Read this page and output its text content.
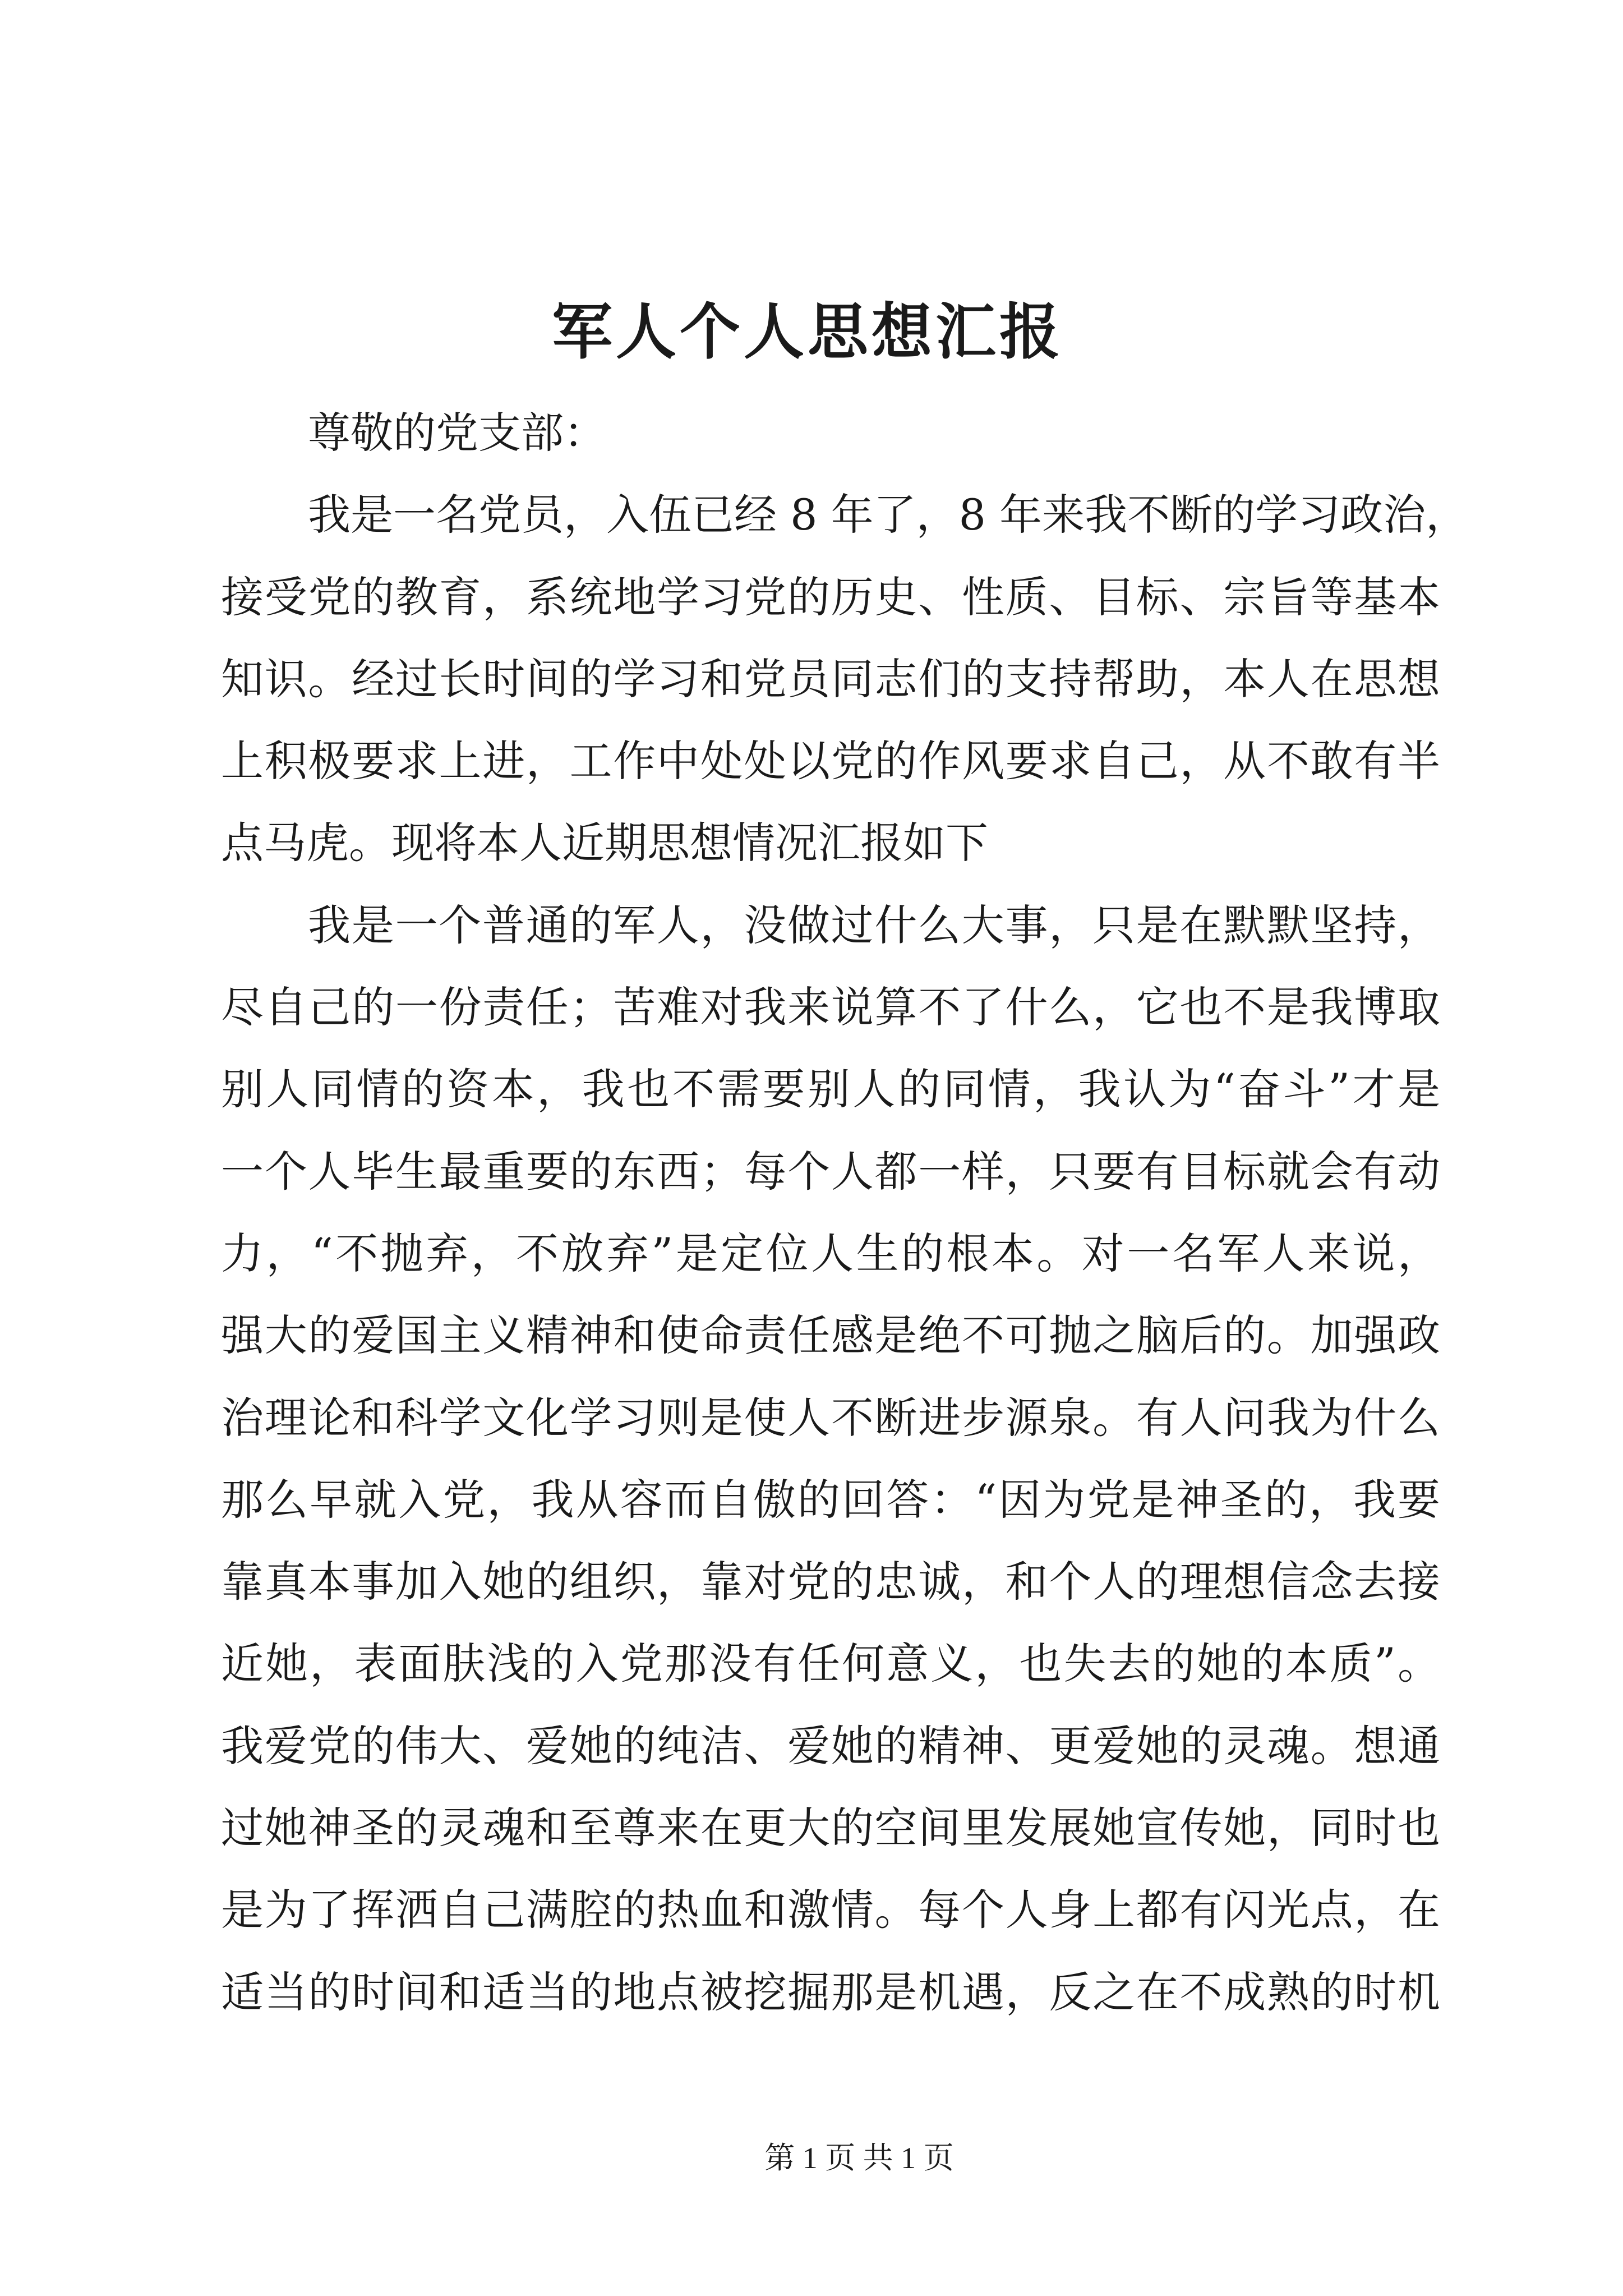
军人个人思想汇报
尊敬的党支部：
我是一名党员，入伍已经 8 年了，8 年来我不断的学习政治，
接受党的教育，系统地学习党的历史、性质、目标、宗旨等基本
知识。经过长时间的学习和党员同志们的支持帮助，本人在思想
上积极要求上进，工作中处处以党的作风要求自己，从不敢有半
点马虎。现将本人近期思想情况汇报如下
我是一个普通的军人，没做过什么大事，只是在默默坚持，
尽自己的一份责任；苦难对我来说算不了什么，它也不是我博取
别人同情的资本，我也不需要别人的同情，我认为“奋斗”才是
一个人毕生最重要的东西；每个人都一样，只要有目标就会有动
力，“不抛弃，不放弃”是定位人生的根本。对一名军人来说，
强大的爱国主义精神和使命责任感是绝不可抛之脑后的。加强政
治理论和科学文化学习则是使人不断进步源泉。有人问我为什么
那么早就入党，我从容而自傲的回答：“因为党是神圣的，我要
靠真本事加入她的组织，靠对党的忠诚，和个人的理想信念去接
近她，表面肤浅的入党那没有任何意义，也失去的她的本质”。
我爱党的伟大、爱她的纯洁、爱她的精神、更爱她的灵魂。想通
过她神圣的灵魂和至尊来在更大的空间里发展她宣传她，同时也
是为了挥洒自己满腔的热血和激情。每个人身上都有闪光点，在
适当的时间和适当的地点被挖掘那是机遇，反之在不成熟的时机
第 1 页 共 1 页
